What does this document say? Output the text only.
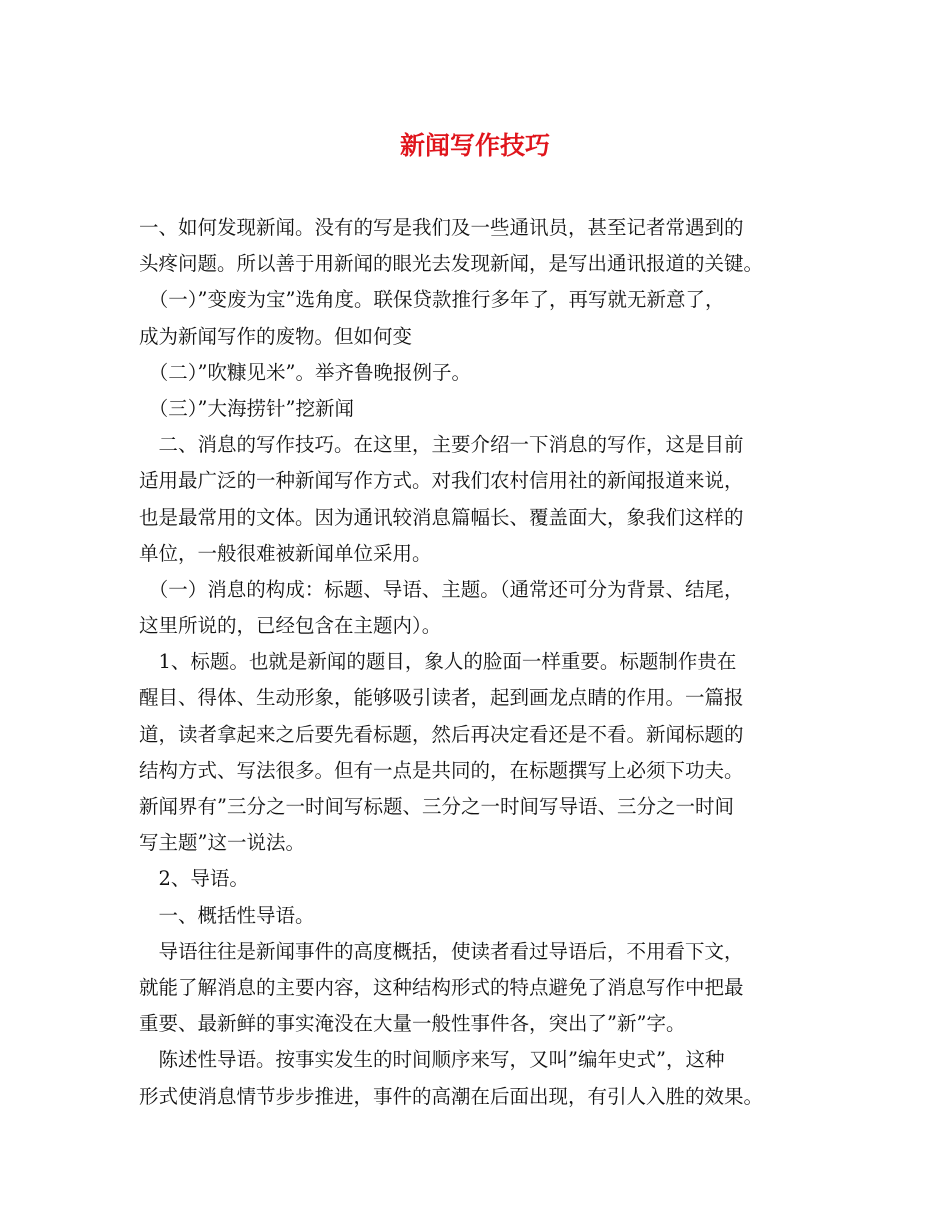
新闻写作技巧
一、如何发现新闻。没有的写是我们及一些通讯员，甚至记者常遇到的
头疼问题。所以善于用新闻的眼光去发现新闻，是写出通讯报道的关键。
　（一）”变废为宝”选角度。联保贷款推行多年了，再写就无新意了，
成为新闻写作的废物。但如何变
　（二）”吹糠见米”。举齐鲁晚报例子。
　（三）”大海捞针”挖新闻
　二、消息的写作技巧。在这里，主要介绍一下消息的写作，这是目前
适用最广泛的一种新闻写作方式。对我们农村信用社的新闻报道来说，
也是最常用的文体。因为通讯较消息篇幅长、覆盖面大，象我们这样的
单位，一般很难被新闻单位采用。
　（一）消息的构成：标题、导语、主题。（通常还可分为背景、结尾，
这里所说的，已经包含在主题内）。
　1、标题。也就是新闻的题目，象人的脸面一样重要。标题制作贵在
醒目、得体、生动形象，能够吸引读者，起到画龙点睛的作用。一篇报
道，读者拿起来之后要先看标题，然后再决定看还是不看。新闻标题的
结构方式、写法很多。但有一点是共同的，在标题撰写上必须下功夫。
新闻界有”三分之一时间写标题、三分之一时间写导语、三分之一时间
写主题”这一说法。
　2、导语。
　一、概括性导语。
　导语往往是新闻事件的高度概括，使读者看过导语后，不用看下文，
就能了解消息的主要内容，这种结构形式的特点避免了消息写作中把最
重要、最新鲜的事实淹没在大量一般性事件各，突出了”新”字。
　陈述性导语。按事实发生的时间顺序来写，又叫”编年史式”，这种
形式使消息情节步步推进，事件的高潮在后面出现，有引人入胜的效果。
